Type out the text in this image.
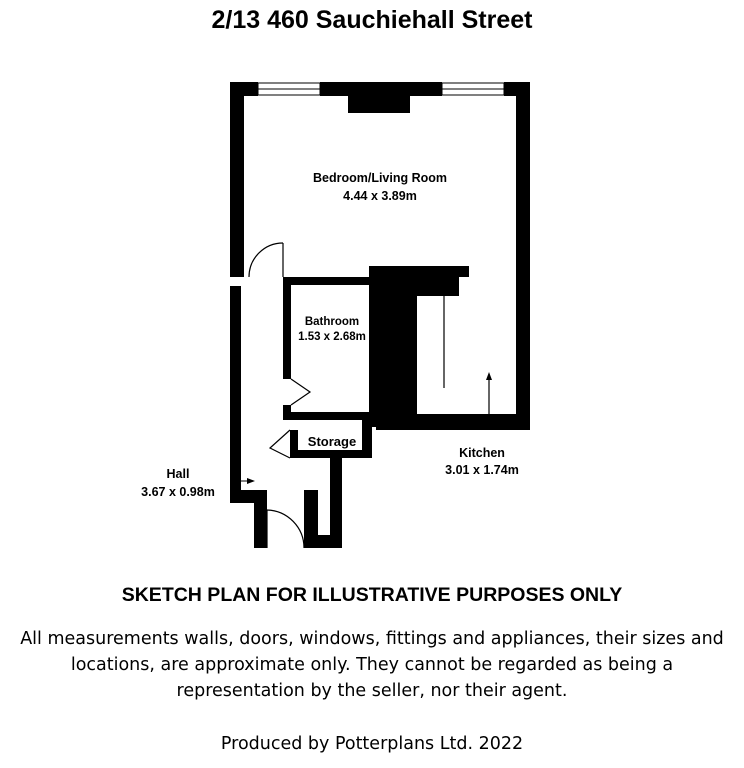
2/13 460 Sauchiehall Street
Bedroom/Living Room
4.44 x 3.89m
Bathroom
1.53 x 2.68m
Storage
Kitchen
3.01 x 1.74m
Hall
3.67 x 0.98m
SKETCH PLAN FOR ILLUSTRATIVE PURPOSES ONLY
All measurements walls, doors, windows, fittings and appliances, their sizes and locations, are approximate only. They cannot be regarded as being a representation by the seller, nor their agent.
Produced by Potterplans Ltd. 2022
